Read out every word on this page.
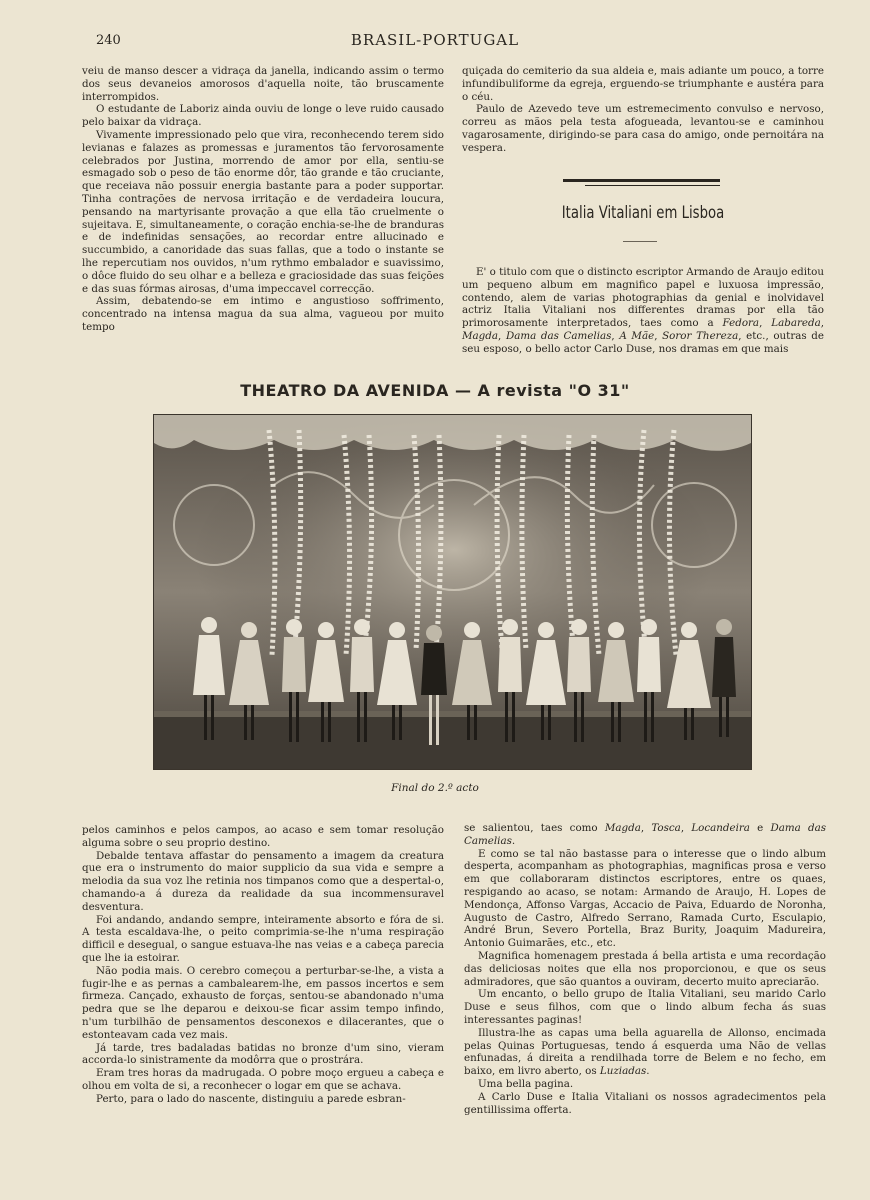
240	BRASIL-PORTUGAL

veiu de manso descer a vidraça da janella, indicando assim o termo dos seus devaneios amorosos d'aquella noite, tão bruscamente interrompidos.

O estudante de Laboriz ainda ouviu de longe o leve ruido causado pelo baixar da vidraça.

Vivamente impressionado pelo que vira, reconhecendo terem sido levianas e falazes as promessas e juramentos tão fervorosamente celebrados por Justina, morrendo de amor por ella, sentiu-se esmagado sob o peso de tão enorme dôr, tão grande e tão cruciante, que receiava não possuir energia bastante para a poder supportar. Tinha contrações de nervosa irritação e de verdadeira loucura, pensando na martyrisante provação a que ella tão cruelmente o sujeitava. E, simultaneamente, o coração enchia-se-lhe de branduras e de indefinidas sensações, ao recordar entre allucinado e succumbido, a canoridade das suas fallas, que a todo o instante se lhe repercutiam nos ouvidos, n'um rythmo embalador e suavissimo, o dôce fluido do seu olhar e a belleza e graciosidade das suas feições e das suas fórmas airosas, d'uma impeccavel correcção.

Assim, debatendo-se em intimo e angustioso soffrimento, concentrado na intensa magua da sua alma, vagueou por muito tempo

quiçada do cemiterio da sua aldeia e, mais adiante um pouco, a torre infundibuliforme da egreja, erguendo-se triumphante e austéra para o céu.

Paulo de Azevedo teve um estremecimento convulso e nervoso, correu as mãos pela testa afogueada, levantou-se e caminhou vagarosamente, dirigindo-se para casa do amigo, onde pernoitára na vespera.

Italia Vitaliani em Lisboa

E' o titulo com que o distincto escriptor Armando de Araujo editou um pequeno album em magnifico papel e luxuosa impressão, contendo, alem de varias photographias da genial e inolvidavel actriz Italia Vitaliani nos differentes dramas por ella tão primorosamente interpretados, taes como a Fedora, Labareda, Magda, Dama das Camelias, A Mãe, Soror Thereza, etc., outras de seu esposo, o bello actor Carlo Duse, nos dramas em que mais

THEATRO DA AVENIDA — A revista "O 31"
Final do 2.º acto

pelos caminhos e pelos campos, ao acaso e sem tomar resolução alguma sobre o seu proprio destino.

Debalde tentava affastar do pensamento a imagem da creatura que era o instrumento do maior supplicio da sua vida e sempre a melodia da sua voz lhe retinia nos timpanos como que a despertal-o, chamando-a á dureza da realidade da sua incommensuravel desventura.

Foi andando, andando sempre, inteiramente absorto e fóra de si. A testa escaldava-lhe, o peito comprimia-se-lhe n'uma respiração difficil e desegual, o sangue estuava-lhe nas veias e a cabeça parecia que lhe ia estoirar.

Não podia mais. O cerebro começou a perturbar-se-lhe, a vista a fugir-lhe e as pernas a cambalearem-lhe, em passos incertos e sem firmeza. Cançado, exhausto de forças, sentou-se abandonado n'uma pedra que se lhe deparou e deixou-se ficar assim tempo infindo, n'um turbilhão de pensamentos desconexos e dilacerantes, que o estonteavam cada vez mais.

Já tarde, tres badaladas batidas no bronze d'um sino, vieram accorda-lo sinistramente da modôrra que o prostrára.

Eram tres horas da madrugada. O pobre moço ergueu a cabeça e olhou em volta de si, a reconhecer o logar em que se achava.

Perto, para o lado do nascente, distinguiu a parede esbran-

se salientou, taes como Magda, Tosca, Locandeira e Dama das Camelias.

E como se tal não bastasse para o interesse que o lindo album desperta, acompanham as photographias, magnificas prosa e verso em que collaboraram distinctos escriptores, entre os quaes, respigando ao acaso, se notam: Armando de Araujo, H. Lopes de Mendonça, Affonso Vargas, Accacio de Paiva, Eduardo de Noronha, Augusto de Castro, Alfredo Serrano, Ramada Curto, Esculapio, André Brun, Severo Portella, Braz Burity, Joaquim Madureira, Antonio Guimarães, etc., etc.

Magnifica homenagem prestada á bella artista e uma recordação das deliciosas noites que ella nos proporcionou, e que os seus admiradores, que são quantos a ouviram, decerto muito apreciarão.

Um encanto, o bello grupo de Italia Vitaliani, seu marido Carlo Duse e seus filhos, com que o lindo album fecha ás suas interessantes paginas!

Illustra-lhe as capas uma bella aguarella de Allonso, encimada pelas Quinas Portuguesas, tendo á esquerda uma Não de vellas enfunadas, á direita a rendilhada torre de Belem e no fecho, em baixo, em livro aberto, os Luziadas.

Uma bella pagina.

A Carlo Duse e Italia Vitaliani os nossos agradecimentos pela gentillissima offerta.
